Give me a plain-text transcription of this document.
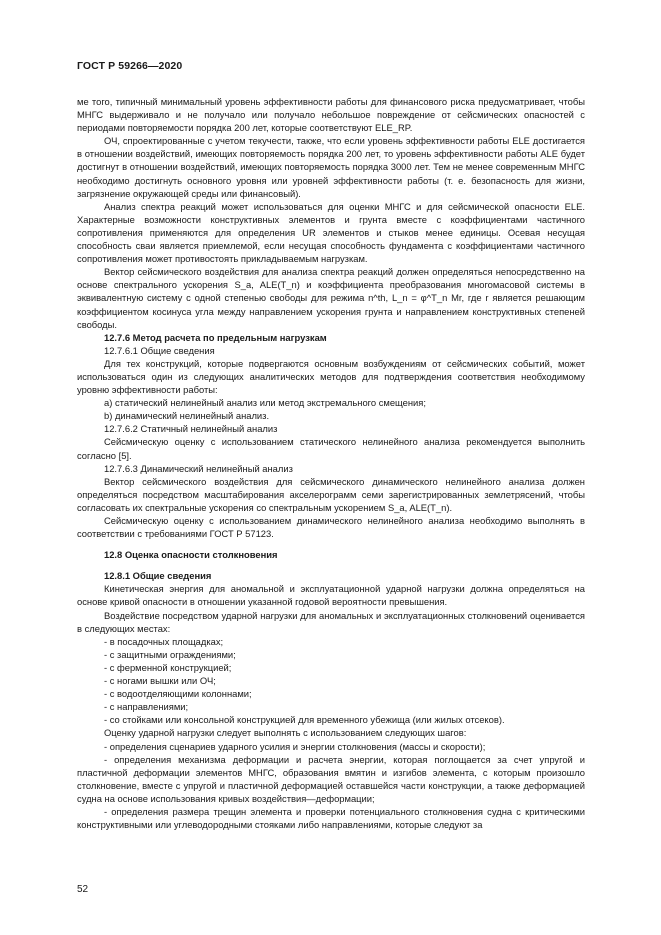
ГОСТ Р 59266—2020

ме того, типичный минимальный уровень эффективности работы для финансового риска предусматривает, чтобы МНГС выдерживало и не получало или получало небольшое повреждение от сейсмических опасностей с периодами повторяемости порядка 200 лет, которые соответствуют ELE_RP.

ОЧ, спроектированные с учетом текучести, также, что если уровень эффективности работы ELE достигается в отношении воздействий, имеющих повторяемость порядка 200 лет, то уровень эффективности работы ALE будет достигнут в отношении воздействий, имеющих повторяемость порядка 3000 лет. Тем не менее современным МНГС необходимо достигнуть основного уровня или уровней эффективности работы (т. е. безопасность для жизни, загрязнение окружающей среды или финансовый).

Анализ спектра реакций может использоваться для оценки МНГС и для сейсмической опасности ELE. Характерные возможности конструктивных элементов и грунта вместе с коэффициентами частичного сопротивления применяются для определения UR элементов и стыков менее единицы. Осевая несущая способность сваи является приемлемой, если несущая способность фундамента с коэффициентами частичного сопротивления может противостоять прикладываемым нагрузкам.

Вектор сейсмического воздействия для анализа спектра реакций должен определяться непосредственно на основе спектрального ускорения S_a, ALE(T_n) и коэффициента преобразования многомасовой системы в эквивалентную систему с одной степенью свободы для режима n^th, L_n = φ^T_n Mr, где r является решающим коэффициентом косинуса угла между направлением ускорения грунта и направлением конструктивных степеней свободы.

12.7.6 Метод расчета по предельным нагрузкам

12.7.6.1 Общие сведения

Для тех конструкций, которые подвергаются основным возбуждениям от сейсмических событий, может использоваться один из следующих аналитических методов для подтверждения соответствия необходимому уровню эффективности работы:

a) статический нелинейный анализ или метод экстремального смещения;

b) динамический нелинейный анализ.

12.7.6.2 Статичный нелинейный анализ

Сейсмическую оценку с использованием статического нелинейного анализа рекомендуется выполнить согласно [5].

12.7.6.3 Динамический нелинейный анализ

Вектор сейсмического воздействия для сейсмического динамического нелинейного анализа должен определяться посредством масштабирования акселерограмм семи зарегистрированных землетрясений, чтобы согласовать их спектральные ускорения со спектральным ускорением S_a, ALE(T_n).

Сейсмическую оценку с использованием динамического нелинейного анализа необходимо выполнять в соответствии с требованиями ГОСТ Р 57123.

12.8 Оценка опасности столкновения

12.8.1 Общие сведения

Кинетическая энергия для аномальной и эксплуатационной ударной нагрузки должна определяться на основе кривой опасности в отношении указанной годовой вероятности превышения.

Воздействие посредством ударной нагрузки для аномальных и эксплуатационных столкновений оценивается в следующих местах:

- в посадочных площадках;

- с защитными ограждениями;

- с ферменной конструкцией;

- с ногами вышки или ОЧ;

- с водоотделяющими колоннами;

- с направлениями;

- со стойками или консольной конструкцией для временного убежища (или жилых отсеков).

Оценку ударной нагрузки следует выполнять с использованием следующих шагов:

- определения сценариев ударного усилия и энергии столкновения (массы и скорости);

- определения механизма деформации и расчета энергии, которая поглощается за счет упругой и пластичной деформации элементов МНГС, образования вмятин и изгибов элемента, с которым произошло столкновение, вместе с упругой и пластичной деформацией оставшейся части конструкции, а также деформацией судна на основе использования кривых воздействия—деформации;

- определения размера трещин элемента и проверки потенциального столкновения судна с критическими конструктивными или углеводородными стояками либо направлениями, которые следуют за

52
